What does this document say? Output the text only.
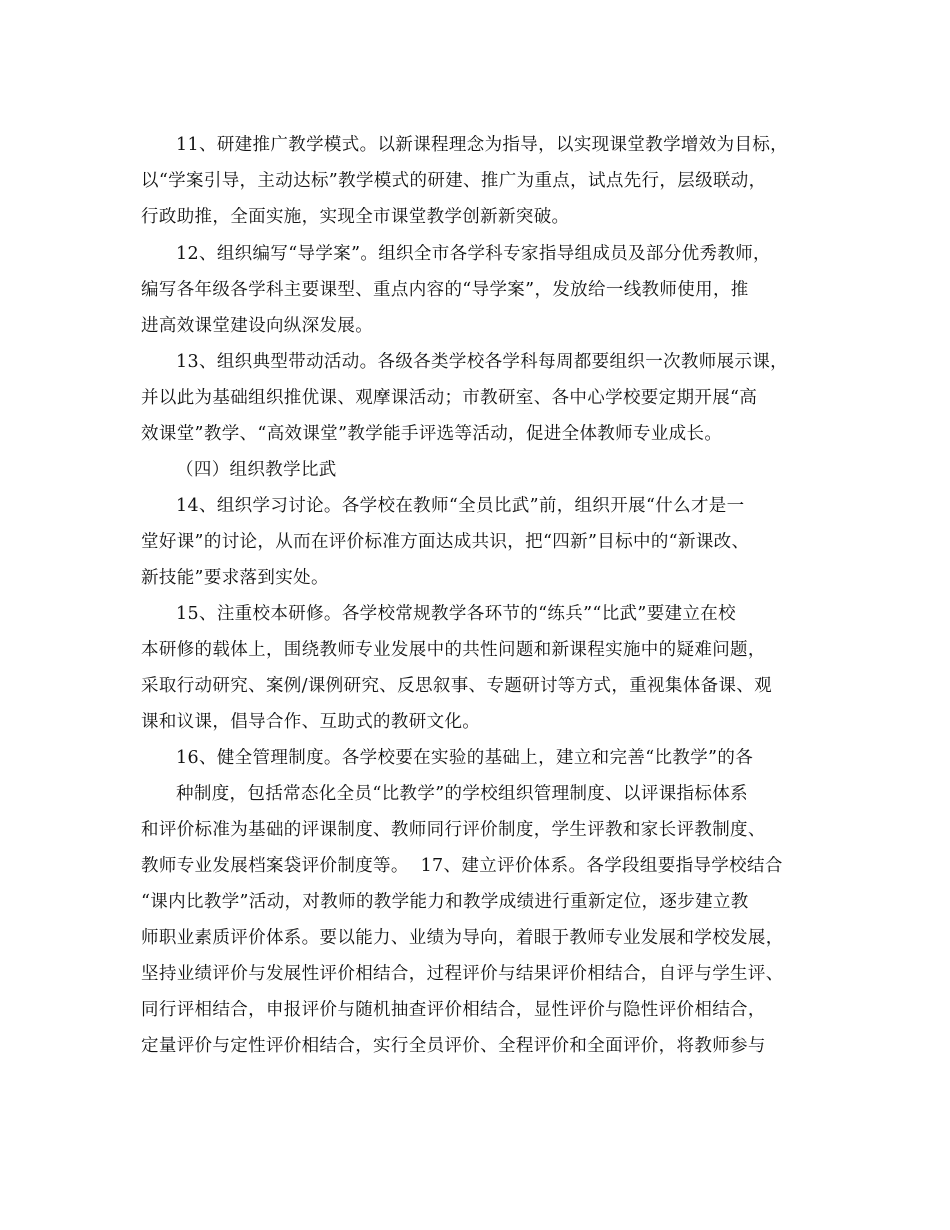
11、研建推广教学模式。以新课程理念为指导，以实现课堂教学增效为目标，

以“学案引导，主动达标”教学模式的研建、推广为重点，试点先行，层级联动，

行政助推，全面实施，实现全市课堂教学创新新突破。

12、组织编写“导学案”。组织全市各学科专家指导组成员及部分优秀教师，

编写各年级各学科主要课型、重点内容的“导学案”，发放给一线教师使用，推

进高效课堂建设向纵深发展。

13、组织典型带动活动。各级各类学校各学科每周都要组织一次教师展示课，

并以此为基础组织推优课、观摩课活动；市教研室、各中心学校要定期开展“高

效课堂”教学、“高效课堂”教学能手评选等活动，促进全体教师专业成长。

（四）组织教学比武

14、组织学习讨论。各学校在教师“全员比武”前，组织开展“什么才是一

堂好课”的讨论，从而在评价标准方面达成共识，把“四新”目标中的“新课改、

新技能”要求落到实处。

15、注重校本研修。各学校常规教学各环节的“练兵”“比武”要建立在校

本研修的载体上，围绕教师专业发展中的共性问题和新课程实施中的疑难问题，

采取行动研究、案例/课例研究、反思叙事、专题研讨等方式，重视集体备课、观

课和议课，倡导合作、互助式的教研文化。

16、健全管理制度。各学校要在实验的基础上，建立和完善“比教学”的各

种制度，包括常态化全员“比教学”的学校组织管理制度、以评课指标体系

和评价标准为基础的评课制度、教师同行评价制度，学生评教和家长评教制度、

教师专业发展档案袋评价制度等。  17、建立评价体系。各学段组要指导学校结合

“课内比教学”活动，对教师的教学能力和教学成绩进行重新定位，逐步建立教

师职业素质评价体系。要以能力、业绩为导向，着眼于教师专业发展和学校发展，

坚持业绩评价与发展性评价相结合，过程评价与结果评价相结合，自评与学生评、

同行评相结合，申报评价与随机抽查评价相结合，显性评价与隐性评价相结合，

定量评价与定性评价相结合，实行全员评价、全程评价和全面评价，将教师参与
